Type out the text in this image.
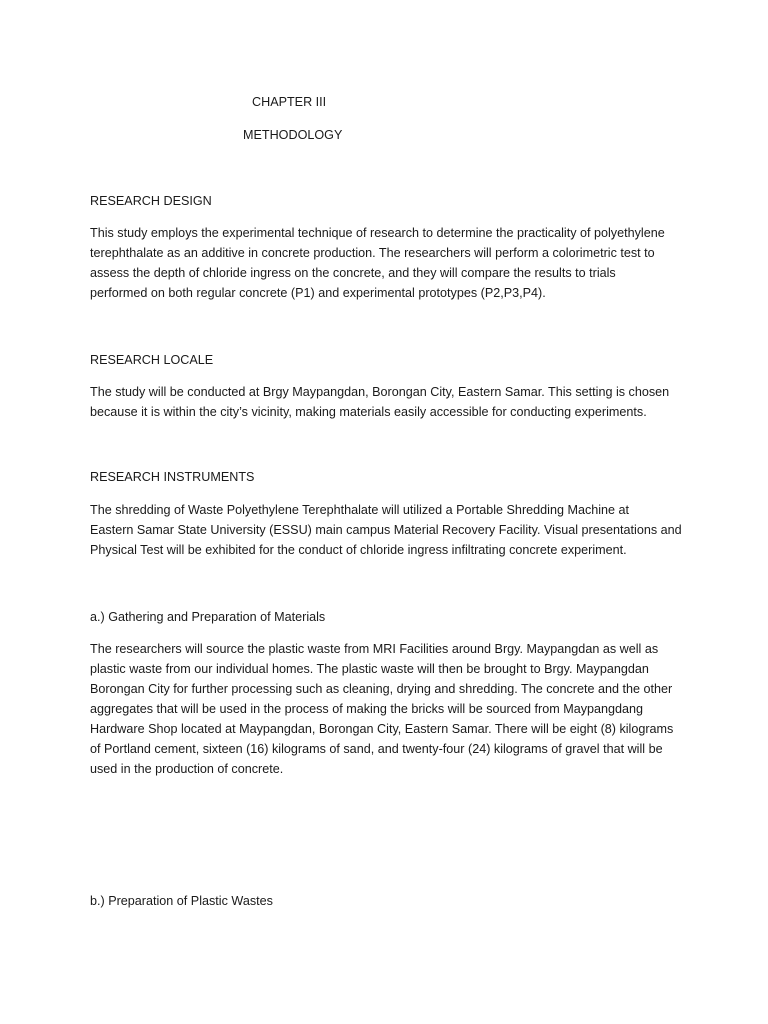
CHAPTER III

METHODOLOGY

RESEARCH DESIGN

This study employs the experimental technique of research to determine the practicality of polyethylene
terephthalate as an additive in concrete production. The researchers will perform a colorimetric test to
assess the depth of chloride ingress on the concrete, and they will compare the results to trials
performed on both regular concrete (P1) and experimental prototypes (P2,P3,P4).

RESEARCH LOCALE

The study will be conducted at Brgy Maypangdan, Borongan City, Eastern Samar. This setting is chosen
because it is within the city’s vicinity, making materials easily accessible for conducting experiments.

RESEARCH INSTRUMENTS

The shredding of Waste Polyethylene Terephthalate will utilized a Portable Shredding Machine at
Eastern Samar State University (ESSU) main campus Material Recovery Facility. Visual presentations and
Physical Test will be exhibited for the conduct of chloride ingress infiltrating concrete experiment.

a.) Gathering and Preparation of Materials

The researchers will source the plastic waste from MRI Facilities around Brgy. Maypangdan as well as
plastic waste from our individual homes. The plastic waste will then be brought to Brgy. Maypangdan
Borongan City for further processing such as cleaning, drying and shredding. The concrete and the other
aggregates that will be used in the process of making the bricks will be sourced from Maypangdang
Hardware Shop located at Maypangdan, Borongan City, Eastern Samar. There will be eight (8) kilograms
of Portland cement, sixteen (16) kilograms of sand, and twenty-four (24) kilograms of gravel that will be
used in the production of concrete.

b.) Preparation of Plastic Wastes
